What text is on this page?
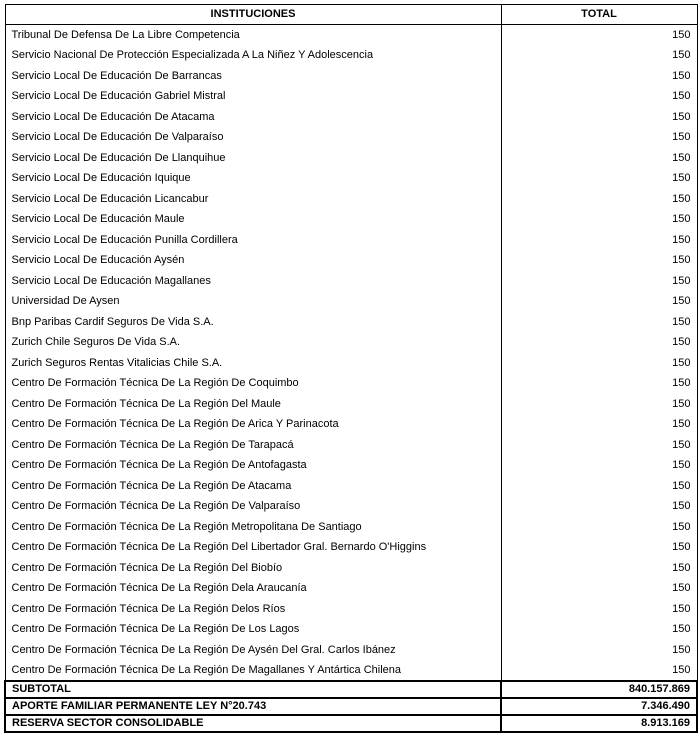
INSTITUCIONES	TOTAL
Tribunal De Defensa De La Libre Competencia	150
Servicio Nacional De Protección Especializada A La Niñez Y Adolescencia	150
Servicio Local De Educación De Barrancas	150
Servicio Local De Educación Gabriel Mistral	150
Servicio Local De Educación De Atacama	150
Servicio Local De Educación De Valparaíso	150
Servicio Local De Educación De Llanquihue	150
Servicio Local De Educación Iquique	150
Servicio Local De Educación Licancabur	150
Servicio Local De Educación Maule	150
Servicio Local De Educación Punilla Cordillera	150
Servicio Local De Educación Aysén	150
Servicio Local De Educación Magallanes	150
Universidad De Aysen	150
Bnp Paribas Cardif Seguros De Vida S.A.	150
Zurich Chile Seguros De Vida S.A.	150
Zurich Seguros Rentas Vitalicias Chile S.A.	150
Centro De Formación Técnica De La Región De Coquimbo	150
Centro De Formación Técnica De La Región Del Maule	150
Centro De Formación Técnica De La Región De Arica Y Parinacota	150
Centro De Formación Técnica De La Región De Tarapacá	150
Centro De Formación Técnica De La Región De Antofagasta	150
Centro De Formación Técnica De La Región De Atacama	150
Centro De Formación Técnica De La Región De Valparaíso	150
Centro De Formación Técnica De La Región Metropolitana De Santiago	150
Centro De Formación Técnica De La Región Del Libertador Gral. Bernardo O'Higgins	150
Centro De Formación Técnica De La Región Del Biobío	150
Centro De Formación Técnica De La Región Dela Araucanía	150
Centro De Formación Técnica De La Región Delos Ríos	150
Centro De Formación Técnica De La Región De Los Lagos	150
Centro De Formación Técnica De La Región De Aysén Del Gral. Carlos Ibánez	150
Centro De Formación Técnica De La Región De Magallanes Y Antártica Chilena	150
SUBTOTAL	840.157.869
APORTE FAMILIAR PERMANENTE LEY N°20.743	7.346.490
RESERVA SECTOR CONSOLIDABLE	8.913.169
